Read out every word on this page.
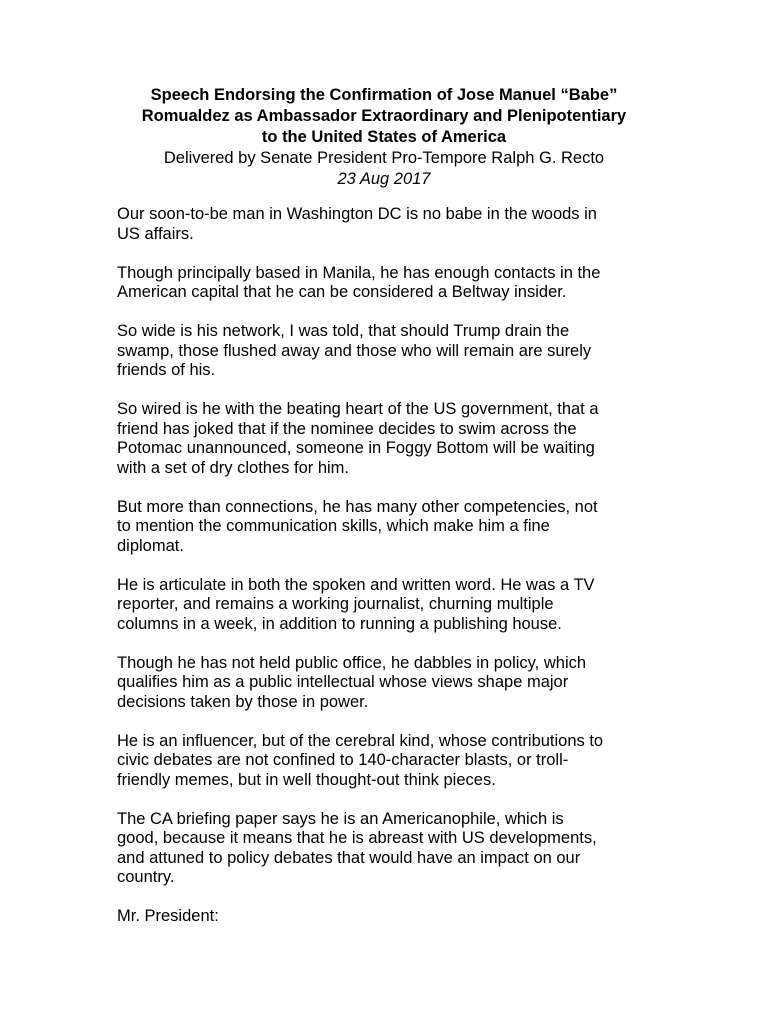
Speech Endorsing the Confirmation of Jose Manuel “Babe”
Romualdez as Ambassador Extraordinary and Plenipotentiary
to the United States of America
Delivered by Senate President Pro-Tempore Ralph G. Recto
23 Aug 2017

Our soon-to-be man in Washington DC is no babe in the woods in
US affairs.

Though principally based in Manila, he has enough contacts in the
American capital that he can be considered a Beltway insider.

So wide is his network, I was told, that should Trump drain the
swamp, those flushed away and those who will remain are surely
friends of his.

So wired is he with the beating heart of the US government, that a
friend has joked that if the nominee decides to swim across the
Potomac unannounced, someone in Foggy Bottom will be waiting
with a set of dry clothes for him.

But more than connections, he has many other competencies, not
to mention the communication skills, which make him a fine
diplomat.

He is articulate in both the spoken and written word. He was a TV
reporter, and remains a working journalist, churning multiple
columns in a week, in addition to running a publishing house.

Though he has not held public office, he dabbles in policy, which
qualifies him as a public intellectual whose views shape major
decisions taken by those in power.

He is an influencer, but of the cerebral kind, whose contributions to
civic debates are not confined to 140-character blasts, or troll-
friendly memes, but in well thought-out think pieces.

The CA briefing paper says he is an Americanophile, which is
good, because it means that he is abreast with US developments,
and attuned to policy debates that would have an impact on our
country.

Mr. President:
